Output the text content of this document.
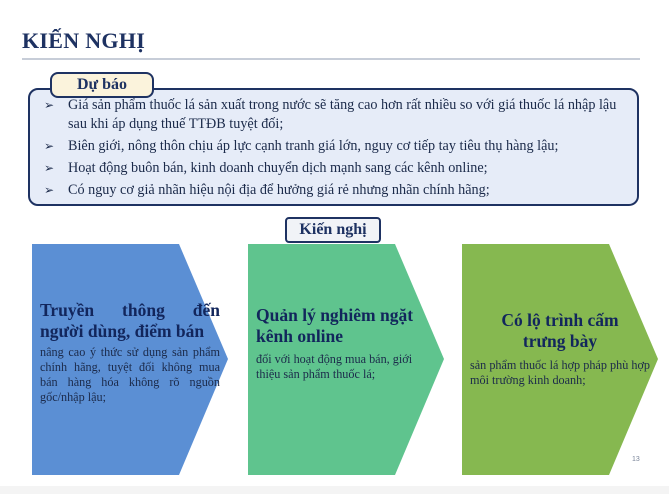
KIẾN NGHỊ
Dự báo
➢ Giá sản phẩm thuốc lá sản xuất trong nước sẽ tăng cao hơn rất nhiều so với giá thuốc lá nhập lậu sau khi áp dụng thuế TTĐB tuyệt đối;
➢ Biên giới, nông thôn chịu áp lực cạnh tranh giá lớn, nguy cơ tiếp tay tiêu thụ hàng lậu;
➢ Hoạt động buôn bán, kinh doanh chuyển dịch mạnh sang các kênh online;
➢ Có nguy cơ giả nhãn hiệu nội địa để hưởng giá rẻ nhưng nhãn chính hãng;
Kiến nghị
Truyền thông đến
người dùng, điểm bán
nâng cao ý thức sử dụng sản phẩm chính hãng, tuyệt đối không mua bán hàng hóa không rõ nguồn gốc/nhập lậu;
Quản lý nghiêm ngặt
kênh online
đối với hoạt động mua bán, giới thiệu sản phẩm thuốc lá;
Có lộ trình cấm
trưng bày
sản phẩm thuốc lá hợp pháp phù hợp môi trường kinh doanh;
13
